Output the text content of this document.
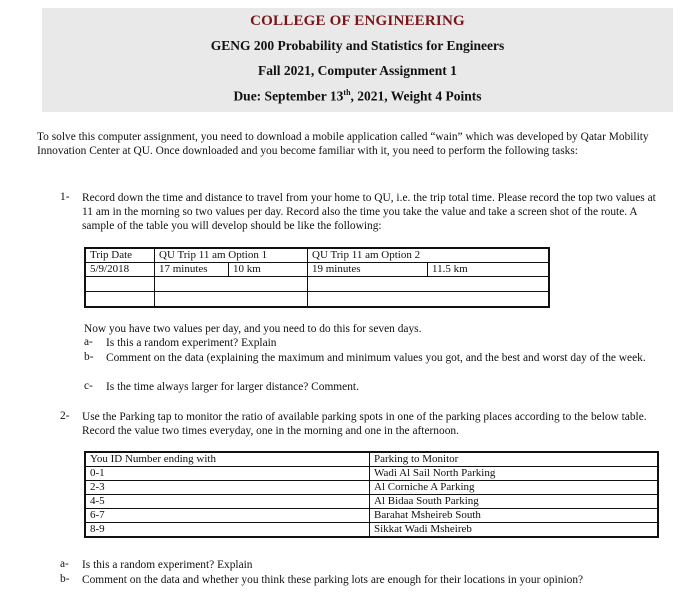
COLLEGE OF ENGINEERING
GENG 200 Probability and Statistics for Engineers
Fall 2021, Computer Assignment 1
Due: September 13th, 2021, Weight 4 Points
To solve this computer assignment, you need to download a mobile application called “wain” which was developed by Qatar Mobility Innovation Center at QU. Once downloaded and you become familiar with it, you need to perform the following tasks:
1- Record down the time and distance to travel from your home to QU, i.e. the trip total time. Please record the top two values at 11 am in the morning so two values per day. Record also the time you take the value and take a screen shot of the route. A sample of the table you will develop should be like the following:
Trip Date	QU Trip 11 am Option 1	QU Trip 11 am Option 2
5/9/2018	17 minutes 10 km	19 minutes 11.5 km

Now you have two values per day, and you need to do this for seven days.
a- Is this a random experiment? Explain
b- Comment on the data (explaining the maximum and minimum values you got, and the best and worst day of the week.
c- Is the time always larger for larger distance? Comment.
2- Use the Parking tap to monitor the ratio of available parking spots in one of the parking places according to the below table. Record the value two times everyday, one in the morning and one in the afternoon.
You ID Number ending with	Parking to Monitor
0-1	Wadi Al Sail North Parking
2-3	Al Corniche A Parking
4-5	Al Bidaa South Parking
6-7	Barahat Msheireb South
8-9	Sikkat Wadi Msheireb
a- Is this a random experiment? Explain
b- Comment on the data and whether you think these parking lots are enough for their locations in your opinion?
